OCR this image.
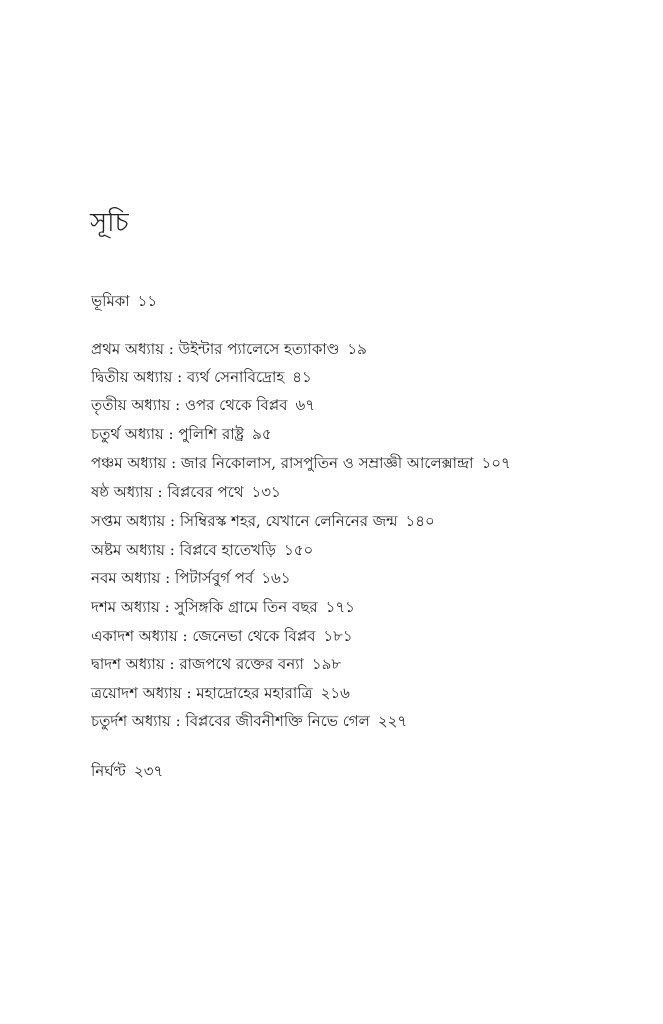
সূচি
ভূমিকা ১১
প্রথম অধ্যায় : উইন্টার প্যালেসে হত্যাকাণ্ড ১৯
দ্বিতীয় অধ্যায় : ব্যর্থ সেনাবিদ্রোহ ৪১
তৃতীয় অধ্যায় : ওপর থেকে বিপ্লব ৬৭
চতুর্থ অধ্যায় : পুলিশি রাষ্ট্র ৯৫
পঞ্চম অধ্যায় : জার নিকোলাস, রাসপুতিন ও সম্রাজ্ঞী আলেক্সান্দ্রা ১০৭
ষষ্ঠ অধ্যায় : বিপ্লবের পথে ১৩১
সপ্তম অধ্যায় : সিম্বিরস্ক শহর, যেখানে লেনিনের জন্ম ১৪০
অষ্টম অধ্যায় : বিপ্লবে হাতেখড়ি ১৫০
নবম অধ্যায় : পিটার্সবুর্গ পর্ব ১৬১
দশম অধ্যায় : সুসিঙ্গকি গ্রামে তিন বছর ১৭১
একাদশ অধ্যায় : জেনেভা থেকে বিপ্লব ১৮১
দ্বাদশ অধ্যায় : রাজপথে রক্তের বন্যা ১৯৮
ত্রয়োদশ অধ্যায় : মহাদ্রোহের মহারাত্রি ২১৬
চতুর্দশ অধ্যায় : বিপ্লবের জীবনীশক্তি নিভে গেল ২২৭
নির্ঘণ্ট ২৩৭
